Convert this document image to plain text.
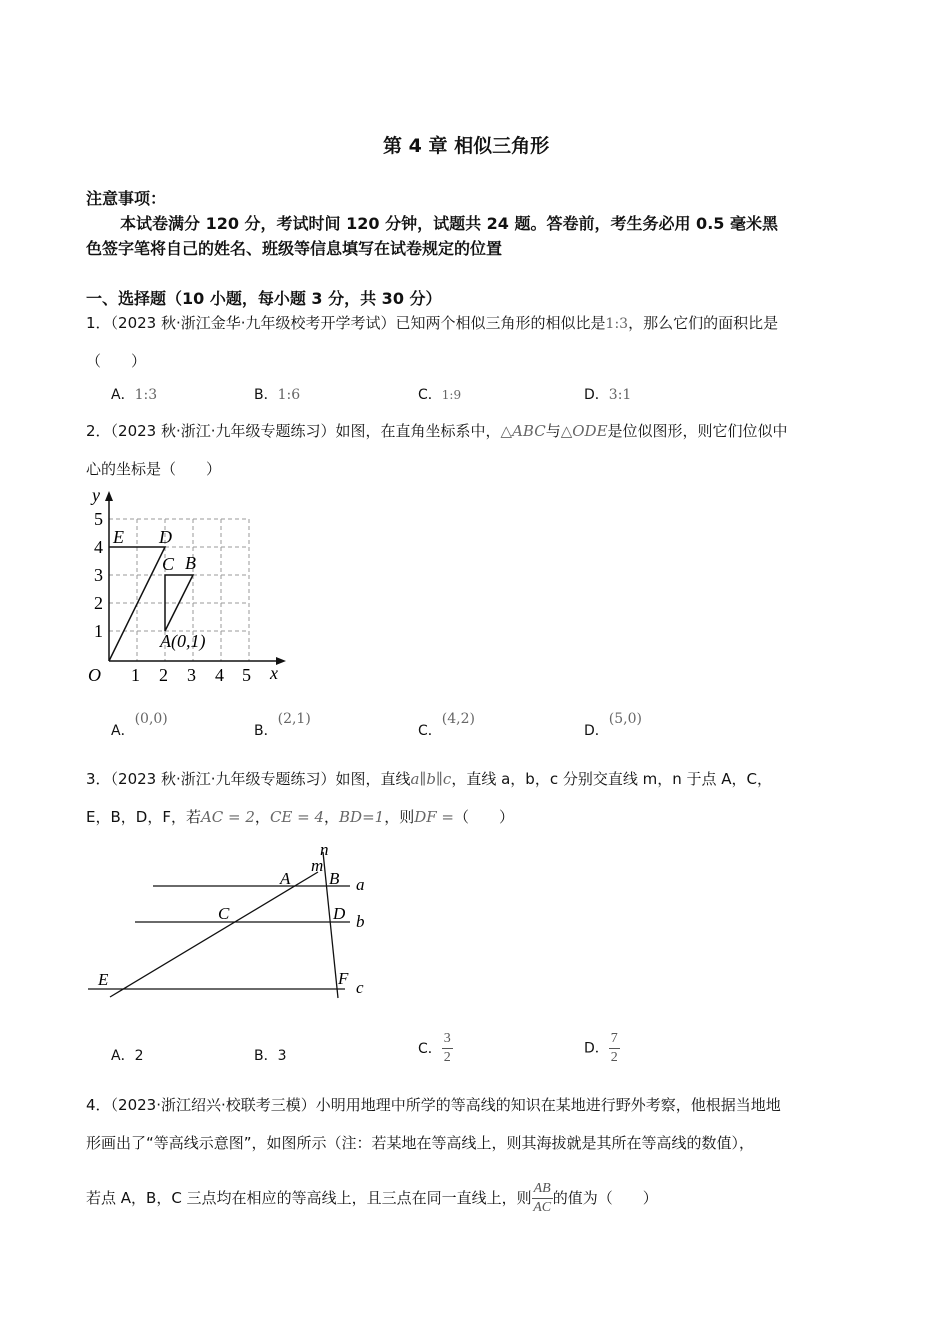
第 4 章 相似三角形
注意事项：
本试卷满分 120 分，考试时间 120 分钟，试题共 24 题。答卷前，考生务必用 0.5 毫米黑
色签字笔将自己的姓名、班级等信息填写在试卷规定的位置
一、选择题（10 小题，每小题 3 分，共 30 分）
1．（2023 秋·浙江金华·九年级校考开学考试）已知两个相似三角形的相似比是1:3，那么它们的面积比是
（　　）
A．1:3	B．1:6	C．1:9	D．3:1
2．（2023 秋·浙江·九年级专题练习）如图，在直角坐标系中，△ABC与△ODE是位似图形，则它们位似中
心的坐标是（　　）
y
x
O 1 2 3 4 5
1
2
3
4
5
E D
C B
A(0,1)
A．(0,0)
B．(2,1)
C．(4,2)
D．(5,0)
3．（2023 秋·浙江·九年级专题练习）如图，直线a∥b∥c，直线 a，b，c 分别交直线 m，n 于点 A，C，
E，B，D，F，若AC = 2，CE = 4，BD=1，则DF =（　　）
m
n
A B a
C	D b
E	F c
A．2	B．3	C． $\frac{3}{2}$	D． $\frac{7}{2}$
4．（2023·浙江绍兴·校联考三模）小明用地理中所学的等高线的知识在某地进行野外考察，他根据当地地
形画出了“等高线示意图”，如图所示（注：若某地在等高线上，则其海拔就是其所在等高线的数值），
若点 A，B，C 三点均在相应的等高线上，且三点在同一直线上，则 $\frac{AB}{AC}$ 的值为（　　）
